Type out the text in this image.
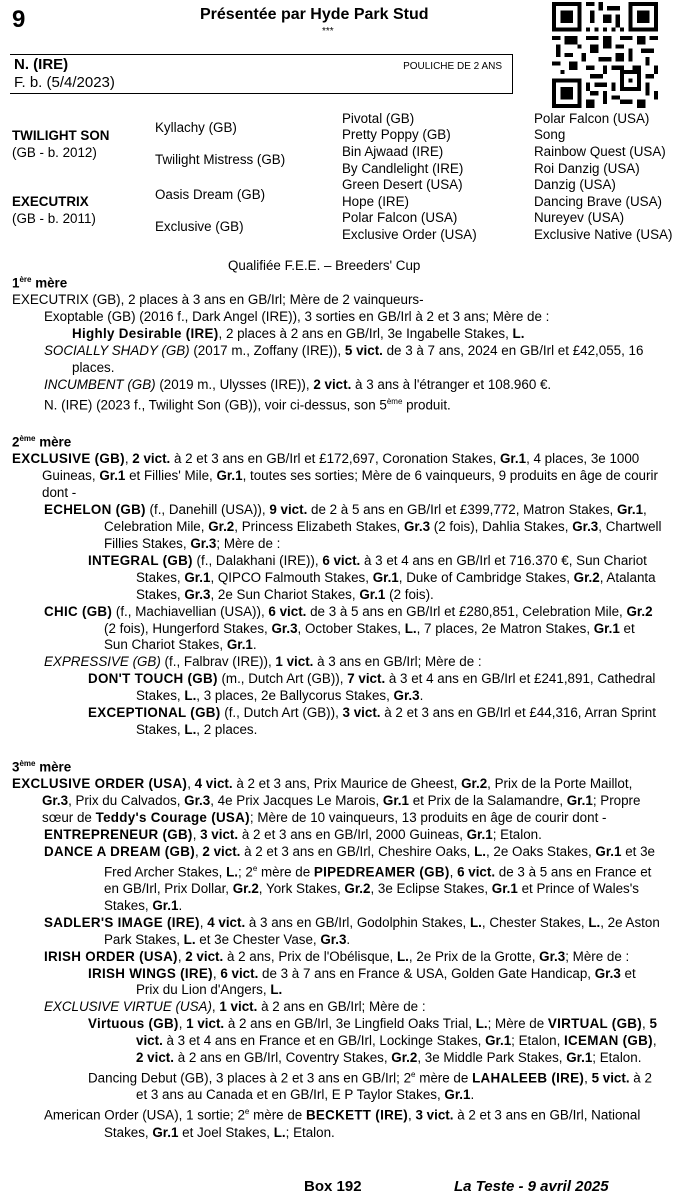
9	Présentée par Hyde Park Stud
***
N. (IRE)
F. b. (5/4/2023)
POULICHE DE 2 ANS
TWILIGHT SON
(GB - b. 2012)
EXECUTRIX
(GB - b. 2011)
Kyllachy (GB)
Twilight Mistress (GB)
Oasis Dream (GB)
Exclusive (GB)
Pivotal (GB)
Pretty Poppy (GB)
Bin Ajwaad (IRE)
By Candlelight (IRE)
Green Desert (USA)
Hope (IRE)
Polar Falcon (USA)
Exclusive Order (USA)
Polar Falcon (USA)
Song
Rainbow Quest (USA)
Roi Danzig (USA)
Danzig (USA)
Dancing Brave (USA)
Nureyev (USA)
Exclusive Native (USA)
Qualifiée F.E.E. – Breeders' Cup

1ère mère

EXECUTRIX (GB), 2 places à 3 ans en GB/Irl; Mère de 2 vainqueurs-

Exoptable (GB) (2016 f., Dark Angel (IRE)), 3 sorties en GB/Irl à 2 et 3 ans; Mère de :

Highly Desirable (IRE), 2 places à 2 ans en GB/Irl, 3e Ingabelle Stakes, L.

SOCIALLY SHADY (GB) (2017 m., Zoffany (IRE)), 5 vict. de 3 à 7 ans, 2024 en GB/Irl et £42,055, 16 places.

INCUMBENT (GB) (2019 m., Ulysses (IRE)), 2 vict. à 3 ans à l'étranger et 108.960 €.

N. (IRE) (2023 f., Twilight Son (GB)), voir ci-dessus, son 5ème produit.

2ème mère

EXCLUSIVE (GB), 2 vict. à 2 et 3 ans en GB/Irl et £172,697, Coronation Stakes, Gr.1, 4 places, 3e 1000 Guineas, Gr.1 et Fillies' Mile, Gr.1, toutes ses sorties; Mère de 6 vainqueurs, 9 produits en âge de courir dont -

ECHELON (GB) (f., Danehill (USA)), 9 vict. de 2 à 5 ans en GB/Irl et £399,772, Matron Stakes, Gr.1, Celebration Mile, Gr.2, Princess Elizabeth Stakes, Gr.3 (2 fois), Dahlia Stakes, Gr.3, Chartwell Fillies Stakes, Gr.3; Mère de :

INTEGRAL (GB) (f., Dalakhani (IRE)), 6 vict. à 3 et 4 ans en GB/Irl et 716.370 €, Sun Chariot Stakes, Gr.1, QIPCO Falmouth Stakes, Gr.1, Duke of Cambridge Stakes, Gr.2, Atalanta Stakes, Gr.3, 2e Sun Chariot Stakes, Gr.1 (2 fois).

CHIC (GB) (f., Machiavellian (USA)), 6 vict. de 3 à 5 ans en GB/Irl et £280,851, Celebration Mile, Gr.2 (2 fois), Hungerford Stakes, Gr.3, October Stakes, L., 7 places, 2e Matron Stakes, Gr.1 et Sun Chariot Stakes, Gr.1.

EXPRESSIVE (GB) (f., Falbrav (IRE)), 1 vict. à 3 ans en GB/Irl; Mère de :

DON'T TOUCH (GB) (m., Dutch Art (GB)), 7 vict. à 3 et 4 ans en GB/Irl et £241,891, Cathedral Stakes, L., 3 places, 2e Ballycorus Stakes, Gr.3.

EXCEPTIONAL (GB) (f., Dutch Art (GB)), 3 vict. à 2 et 3 ans en GB/Irl et £44,316, Arran Sprint Stakes, L., 2 places.

3ème mère

EXCLUSIVE ORDER (USA), 4 vict. à 2 et 3 ans, Prix Maurice de Gheest, Gr.2, Prix de la Porte Maillot, Gr.3, Prix du Calvados, Gr.3, 4e Prix Jacques Le Marois, Gr.1 et Prix de la Salamandre, Gr.1; Propre sœur de Teddy's Courage (USA); Mère de 10 vainqueurs, 13 produits en âge de courir dont -

ENTREPRENEUR (GB), 3 vict. à 2 et 3 ans en GB/Irl, 2000 Guineas, Gr.1; Etalon.

DANCE A DREAM (GB), 2 vict. à 2 et 3 ans en GB/Irl, Cheshire Oaks, L., 2e Oaks Stakes, Gr.1 et 3e Fred Archer Stakes, L.; 2e mère de PIPEDREAMER (GB), 6 vict. de 3 à 5 ans en France et en GB/Irl, Prix Dollar, Gr.2, York Stakes, Gr.2, 3e Eclipse Stakes, Gr.1 et Prince of Wales's Stakes, Gr.1.

SADLER'S IMAGE (IRE), 4 vict. à 3 ans en GB/Irl, Godolphin Stakes, L., Chester Stakes, L., 2e Aston Park Stakes, L. et 3e Chester Vase, Gr.3.

IRISH ORDER (USA), 2 vict. à 2 ans, Prix de l'Obélisque, L., 2e Prix de la Grotte, Gr.3; Mère de :

IRISH WINGS (IRE), 6 vict. de 3 à 7 ans en France & USA, Golden Gate Handicap, Gr.3 et Prix du Lion d'Angers, L.

EXCLUSIVE VIRTUE (USA), 1 vict. à 2 ans en GB/Irl; Mère de :

Virtuous (GB), 1 vict. à 2 ans en GB/Irl, 3e Lingfield Oaks Trial, L.; Mère de VIRTUAL (GB), 5 vict. à 3 et 4 ans en France et en GB/Irl, Lockinge Stakes, Gr.1; Etalon, ICEMAN (GB), 2 vict. à 2 ans en GB/Irl, Coventry Stakes, Gr.2, 3e Middle Park Stakes, Gr.1; Etalon.

Dancing Debut (GB), 3 places à 2 et 3 ans en GB/Irl; 2e mère de LAHALEEB (IRE), 5 vict. à 2 et 3 ans au Canada et en GB/Irl, E P Taylor Stakes, Gr.1.

American Order (USA), 1 sortie; 2e mère de BECKETT (IRE), 3 vict. à 2 et 3 ans en GB/Irl, National Stakes, Gr.1 et Joel Stakes, L.; Etalon.

Box 192	La Teste - 9 avril 2025
